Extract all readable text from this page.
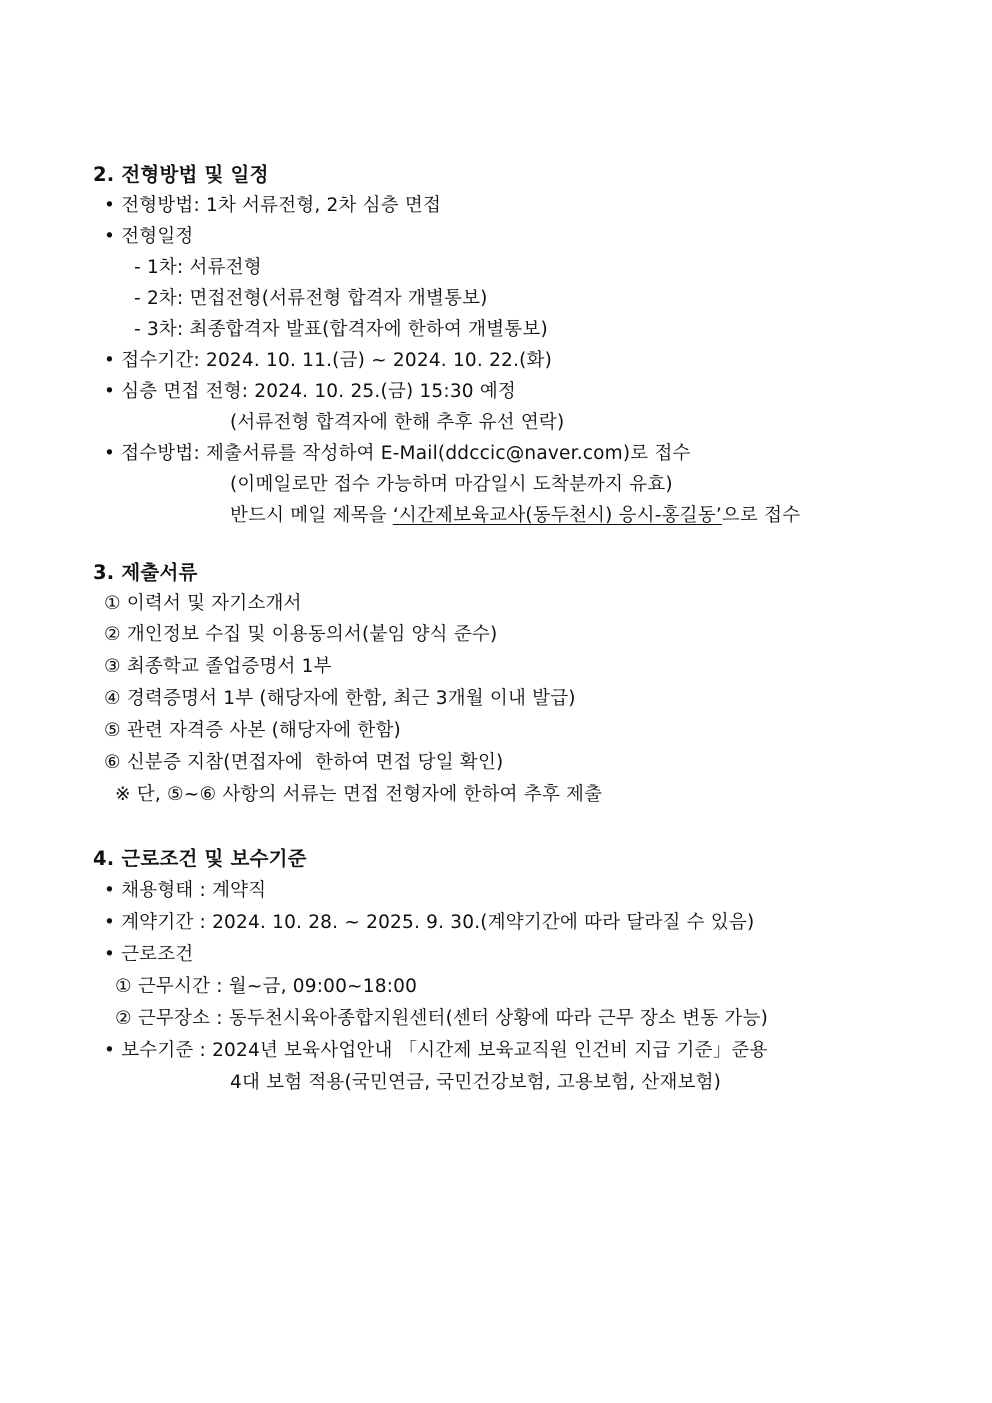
2. 전형방법 및 일정
• 전형방법: 1차 서류전형, 2차 심층 면접
• 전형일정
- 1차: 서류전형
- 2차: 면접전형(서류전형 합격자 개별통보)
- 3차: 최종합격자 발표(합격자에 한하여 개별통보)
• 접수기간: 2024. 10. 11.(금) ~ 2024. 10. 22.(화)
• 심층 면접 전형: 2024. 10. 25.(금) 15:30 예정
(서류전형 합격자에 한해 추후 유선 연락)
• 접수방법: 제출서류를 작성하여 E-Mail(ddccic@naver.com)로 접수
(이메일로만 접수 가능하며 마감일시 도착분까지 유효)
반드시 메일 제목을 ‘시간제보육교사(동두천시) 응시-홍길동’으로 접수
3. 제출서류
① 이력서 및 자기소개서
② 개인정보 수집 및 이용동의서(붙임 양식 준수)
③ 최종학교 졸업증명서 1부
④ 경력증명서 1부 (해당자에 한함, 최근 3개월 이내 발급)
⑤ 관련 자격증 사본 (해당자에 한함)
⑥ 신분증 지참(면접자에  한하여 면접 당일 확인)
※ 단, ⑤~⑥ 사항의 서류는 면접 전형자에 한하여 추후 제출
4. 근로조건 및 보수기준
• 채용형태 : 계약직
• 계약기간 : 2024. 10. 28. ~ 2025. 9. 30.(계약기간에 따라 달라질 수 있음)
• 근로조건
① 근무시간 : 월~금, 09:00~18:00
② 근무장소 : 동두천시육아종합지원센터(센터 상황에 따라 근무 장소 변동 가능)
• 보수기준 : 2024년 보육사업안내 「시간제 보육교직원 인건비 지급 기준」준용
4대 보험 적용(국민연금, 국민건강보험, 고용보험, 산재보험)
